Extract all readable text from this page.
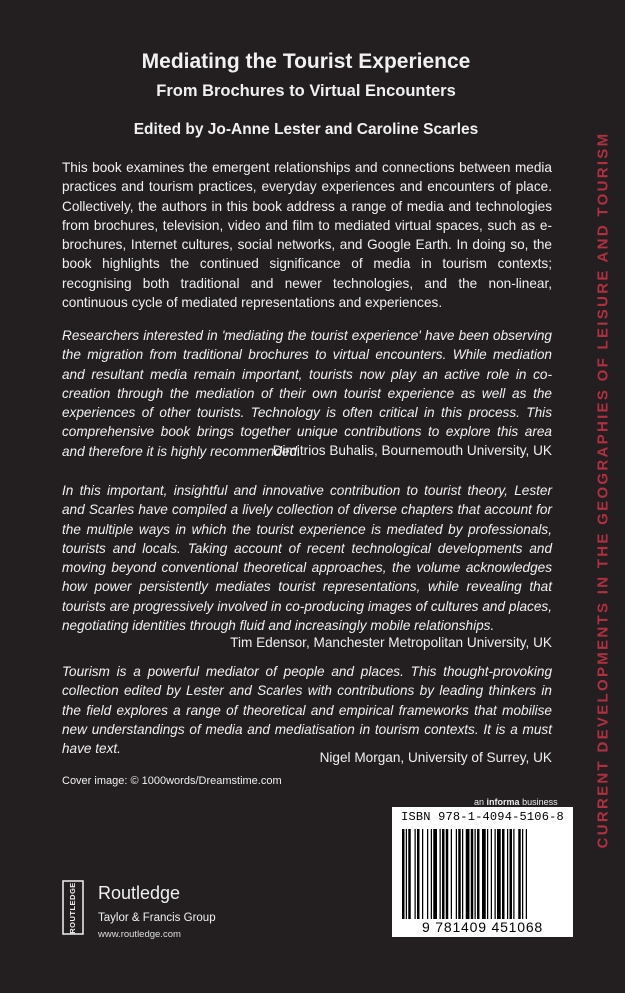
CURRENT DEVELOPMENTS IN THE GEOGRAPHIES OF LEISURE AND TOURISM
Mediating the Tourist Experience
From Brochures to Virtual Encounters

Edited by Jo-Anne Lester and Caroline Scarles

This book examines the emergent relationships and connections between media practices and tourism practices, everyday experiences and encounters of place. Collectively, the authors in this book address a range of media and technologies from brochures, television, video and film to mediated virtual spaces, such as e-brochures, Internet cultures, social networks, and Google Earth. In doing so, the book highlights the continued significance of media in tourism contexts; recognising both traditional and newer technologies, and the non-linear, continuous cycle of mediated representations and experiences.

Researchers interested in 'mediating the tourist experience' have been observing the migration from traditional brochures to virtual encounters. While mediation and resultant media remain important, tourists now play an active role in co-creation through the mediation of their own tourist experience as well as the experiences of other tourists. Technology is often critical in this process. This comprehensive book brings together unique contributions to explore this area and therefore it is highly recommended.

Dimitrios Buhalis, Bournemouth University, UK

In this important, insightful and innovative contribution to tourist theory, Lester and Scarles have compiled a lively collection of diverse chapters that account for the multiple ways in which the tourist experience is mediated by professionals, tourists and locals. Taking account of recent technological developments and moving beyond conventional theoretical approaches, the volume acknowledges how power persistently mediates tourist representations, while revealing that tourists are progressively involved in co-producing images of cultures and places, negotiating identities through fluid and increasingly mobile relationships.

Tim Edensor, Manchester Metropolitan University, UK

Tourism is a powerful mediator of people and places. This thought-provoking collection edited by Lester and Scarles with contributions by leading thinkers in the field explores a range of theoretical and empirical frameworks that mobilise new understandings of media and mediatisation in tourism contexts. It is a must have text.

Nigel Morgan, University of Surrey, UK

Cover image: © 1000words/Dreamstime.com

an informa business

ISBN 978-1-4094-5106-8

9 781409 451068

ROUTLEDGE Routledge

Taylor & Francis Group

www.routledge.com
